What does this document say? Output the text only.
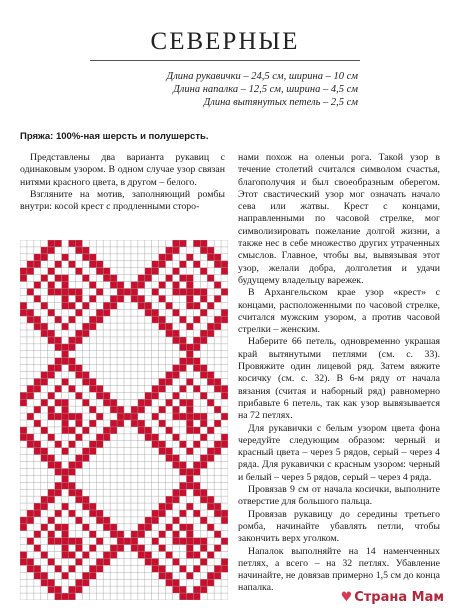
СЕВЕРНЫЕ
Длина рукавички – 24,5 см, ширина – 10 см
Длина напалка – 12,5 см, ширина – 4,5 см
Длина вытянутых петель – 2,5 см
Пряжа: 100%-ная шерсть и полушерсть.

Представлены два варианта рукавиц с одинаковым узором. В одном случае узор связан нитями красного цвета, в другом – белого.

Взгляните на мотив, заполняющий ромбы внутри: косой крест с продленными сторо-

нами похож на оленьи рога. Такой узор в течение столетий считался символом счастья, благополучия и был своеобразным оберегом. Этот свастический узор мог означать начало сева или жатвы. Крест с концами, направленными по часовой стрелке, мог символизировать пожелание долгой жизни, а также нес в себе множество других утраченных смыслов. Главное, чтобы вы, вывязывая этот узор, желали добра, долголетия и удачи будущему владельцу варежек.

В Архангельском крае узор «крест» с концами, расположенными по часовой стрелке, считался мужским узором, а против часовой стрелки – женским.

Наберите 66 петель, одновременно украшая край вытянутыми петлями (см. с. 33). Провяжите один лицевой ряд. Затем вяжите косичку (см. с. 32). В 6-м ряду от начала вязания (считая и наборный ряд) равномерно прибавьте 6 петель, так как узор вывязывается на 72 петлях.

Для рукавички с белым узором цвета фона чередуйте следующим образом: черный и красный цвета – через 5 рядов, серый – через 4 ряда. Для рукавички с красным узором: черный и белый – через 5 рядов, серый – через 4 ряда.

Провязав 9 см от начала косички, выполните отверстие для большого пальца.

Провязав рукавицу до середины третьего ромба, начинайте убавлять петли, чтобы закончить верх уголком.

Напалок выполняйте на 14 наменченных петлях, а всего – на 32 петлях. Убавление начинайте, не довязав примерно 1,5 см до конца напалка.

♥ Страна Мам
